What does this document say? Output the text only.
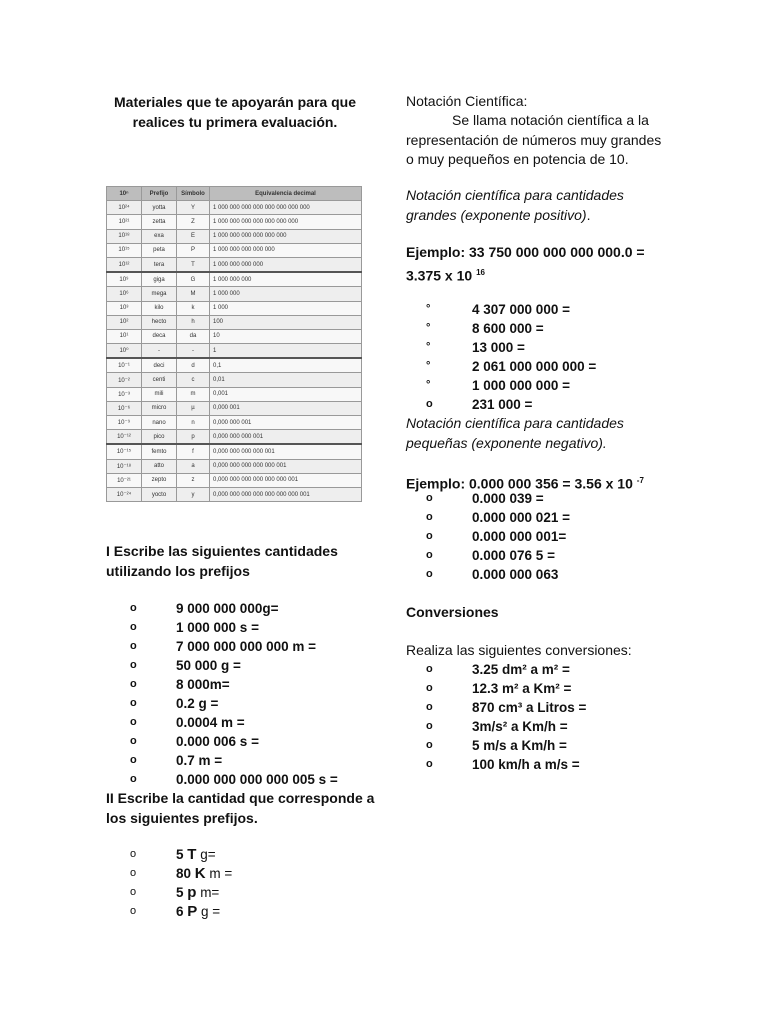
Materiales que te apoyarán para que
realices tu primera evaluación.
10ⁿ	Prefijo	Símbolo	Equivalencia decimal
10²⁴	yotta	Y	1 000 000 000 000 000 000 000 000
10²¹	zetta	Z	1 000 000 000 000 000 000 000
10¹⁸	exa	E	1 000 000 000 000 000 000
10¹⁵	peta	P	1 000 000 000 000 000
10¹²	tera	T	1 000 000 000 000
10⁹	giga	G	1 000 000 000
10⁶	mega	M	1 000 000
10³	kilo	k	1 000
10²	hecto	h	100
10¹	deca	da	10
10⁰	-	-	1
10⁻¹	deci	d	0,1
10⁻²	centi	c	0,01
10⁻³	mili	m	0,001
10⁻⁶	micro	µ	0,000 001
10⁻⁹	nano	n	0,000 000 001
10⁻¹²	pico	p	0,000 000 000 001
10⁻¹⁵	femto	f	0,000 000 000 000 001
10⁻¹⁸	atto	a	0,000 000 000 000 000 001
10⁻²¹	zepto	z	0,000 000 000 000 000 000 001
10⁻²⁴	yocto	y	0,000 000 000 000 000 000 000 001
I Escribe las siguientes cantidades
utilizando los prefijos
o	9 000 000 000g=
o	1 000 000 s =
o	7 000 000 000 000 m =
o	50 000 g =
o	8 000m=
o	0.2 g =
o	0.0004 m =
o	0.000 006 s =
o	0.7 m =
o	0.000 000 000 000 005 s =
II Escribe la cantidad que corresponde a
los siguientes prefijos.
o	5 T g=
o	80 K m =
o	5 p m=
o	6 P g =
Notación Científica:
Se llama notación científica a la
representación de números muy grandes
o muy pequeños en potencia de 10.
Notación científica para cantidades
grandes (exponente positivo).
Ejemplo: 33 750 000 000 000 000.0 =
3.375 x 10 $^{16}$
°	4 307 000 000 =
°	8 600 000 =
°	13 000 =
°	2 061 000 000 000 =
°	1 000 000 000 =
o	231 000 =
Notación científica para cantidades
pequeñas (exponente negativo).
Ejemplo: 0.000 000 356 = 3.56 x 10 $^{-7}$
o	0.000 039 =
o	0.000 000 021 =
o	0.000 000 001=
o	0.000 076 5 =
o	0.000 000 063
Conversiones
Realiza las siguientes conversiones:
o	3.25 dm² a m² =
o	12.3 m² a Km² =
o	870 cm³ a Litros =
o	3m/s² a Km/h =
o	5 m/s a Km/h =
o	100 km/h a m/s =
